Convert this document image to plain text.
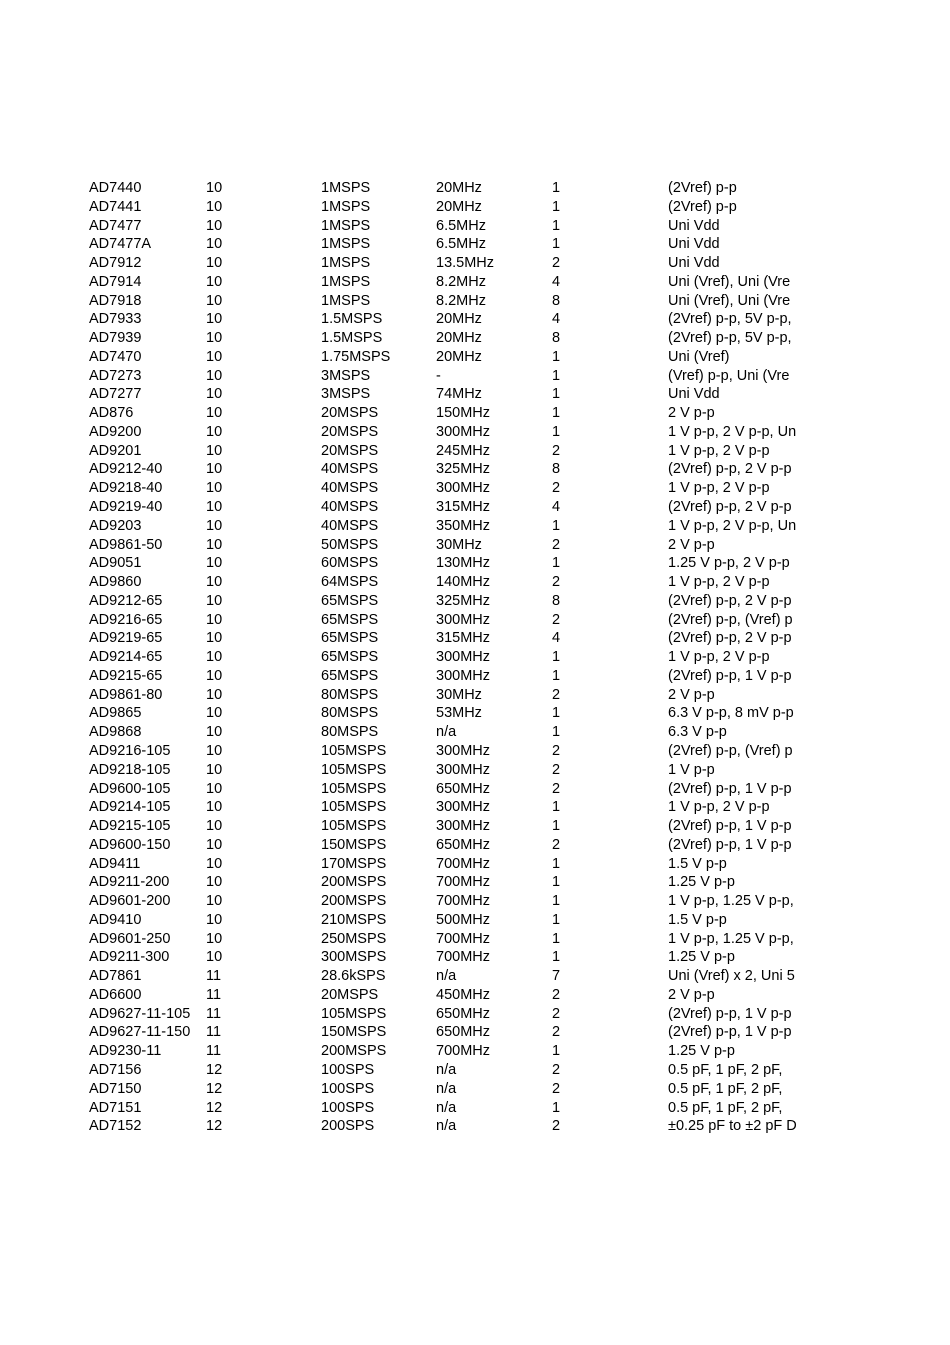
AD7440	10	1MSPS	20MHz	1	(2Vref) p-p
AD7441	10	1MSPS	20MHz	1	(2Vref) p-p
AD7477	10	1MSPS	6.5MHz	1	Uni Vdd
AD7477A	10	1MSPS	6.5MHz	1	Uni Vdd
AD7912	10	1MSPS	13.5MHz	2	Uni Vdd
AD7914	10	1MSPS	8.2MHz	4	Uni (Vref), Uni (Vre
AD7918	10	1MSPS	8.2MHz	8	Uni (Vref), Uni (Vre
AD7933	10	1.5MSPS	20MHz	4	(2Vref) p-p, 5V p-p,
AD7939	10	1.5MSPS	20MHz	8	(2Vref) p-p, 5V p-p,
AD7470	10	1.75MSPS	20MHz	1	Uni (Vref)
AD7273	10	3MSPS	-	1	(Vref) p-p, Uni (Vre
AD7277	10	3MSPS	74MHz	1	Uni Vdd
AD876	10	20MSPS	150MHz	1	2 V p-p
AD9200	10	20MSPS	300MHz	1	1 V p-p, 2 V p-p, Un
AD9201	10	20MSPS	245MHz	2	1 V p-p, 2 V p-p
AD9212-40	10	40MSPS	325MHz	8	(2Vref) p-p, 2 V p-p
AD9218-40	10	40MSPS	300MHz	2	1 V p-p, 2 V p-p
AD9219-40	10	40MSPS	315MHz	4	(2Vref) p-p, 2 V p-p
AD9203	10	40MSPS	350MHz	1	1 V p-p, 2 V p-p, Un
AD9861-50	10	50MSPS	30MHz	2	2 V p-p
AD9051	10	60MSPS	130MHz	1	1.25 V p-p, 2 V p-p
AD9860	10	64MSPS	140MHz	2	1 V p-p, 2 V p-p
AD9212-65	10	65MSPS	325MHz	8	(2Vref) p-p, 2 V p-p
AD9216-65	10	65MSPS	300MHz	2	(2Vref) p-p, (Vref) p
AD9219-65	10	65MSPS	315MHz	4	(2Vref) p-p, 2 V p-p
AD9214-65	10	65MSPS	300MHz	1	1 V p-p, 2 V p-p
AD9215-65	10	65MSPS	300MHz	1	(2Vref) p-p, 1 V p-p
AD9861-80	10	80MSPS	30MHz	2	2 V p-p
AD9865	10	80MSPS	53MHz	1	6.3 V p-p, 8 mV p-p
AD9868	10	80MSPS	n/a	1	6.3 V p-p
AD9216-105	10	105MSPS	300MHz	2	(2Vref) p-p, (Vref) p
AD9218-105	10	105MSPS	300MHz	2	1 V p-p
AD9600-105	10	105MSPS	650MHz	2	(2Vref) p-p, 1 V p-p
AD9214-105	10	105MSPS	300MHz	1	1 V p-p, 2 V p-p
AD9215-105	10	105MSPS	300MHz	1	(2Vref) p-p, 1 V p-p
AD9600-150	10	150MSPS	650MHz	2	(2Vref) p-p, 1 V p-p
AD9411	10	170MSPS	700MHz	1	1.5 V p-p
AD9211-200	10	200MSPS	700MHz	1	1.25 V p-p
AD9601-200	10	200MSPS	700MHz	1	1 V p-p, 1.25 V p-p,
AD9410	10	210MSPS	500MHz	1	1.5 V p-p
AD9601-250	10	250MSPS	700MHz	1	1 V p-p, 1.25 V p-p,
AD9211-300	10	300MSPS	700MHz	1	1.25 V p-p
AD7861	11	28.6kSPS	n/a	7	Uni (Vref) x 2, Uni 5
AD6600	11	20MSPS	450MHz	2	2 V p-p
AD9627-11-105	11	105MSPS	650MHz	2	(2Vref) p-p, 1 V p-p
AD9627-11-150	11	150MSPS	650MHz	2	(2Vref) p-p, 1 V p-p
AD9230-11	11	200MSPS	700MHz	1	1.25 V p-p
AD7156	12	100SPS	n/a	2	0.5 pF, 1 pF, 2 pF,
AD7150	12	100SPS	n/a	2	0.5 pF, 1 pF, 2 pF,
AD7151	12	100SPS	n/a	1	0.5 pF, 1 pF, 2 pF,
AD7152	12	200SPS	n/a	2	±0.25 pF to ±2 pF D
